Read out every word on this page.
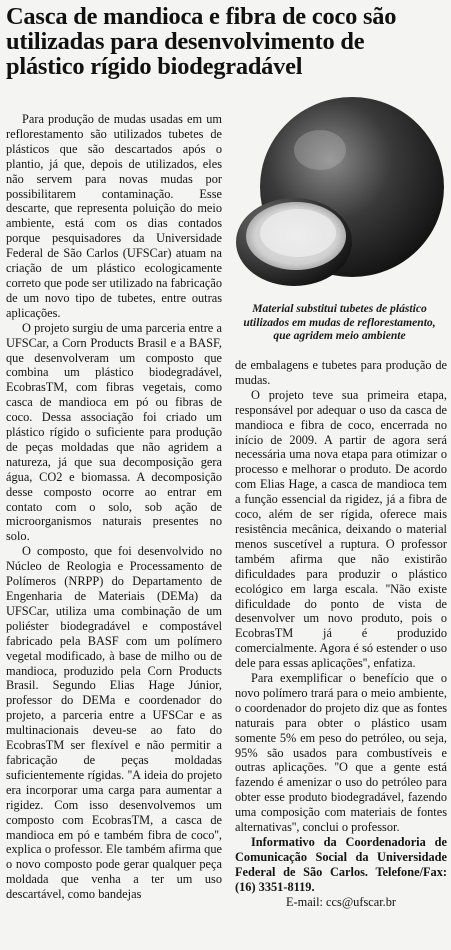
Casca de mandioca e fibra de coco são
utilizadas para desenvolvimento de
plástico rígido biodegradável

Para produção de mudas usadas em um reflorestamento são utilizados tubetes de plásticos que são descartados após o plantio, já que, depois de utilizados, eles não servem para novas mudas por possibilitarem contaminação. Esse descarte, que representa poluição do meio ambiente, está com os dias contados porque pesquisadores da Universidade Federal de São Carlos (UFSCar) atuam na criação de um plástico ecologicamente correto que pode ser utilizado na fabricação de um novo tipo de tubetes, entre outras aplicações.

O projeto surgiu de uma parceria entre a UFSCar, a Corn Products Brasil e a BASF, que desenvolveram um composto que combina um plástico biodegradável, EcobrasTM, com fibras vegetais, como casca de mandioca em pó ou fibras de coco. Dessa associação foi criado um plástico rígido o suficiente para produção de peças moldadas que não agridem a natureza, já que sua decomposição gera água, CO2 e biomassa. A decomposição desse composto ocorre ao entrar em contato com o solo, sob ação de microorganismos naturais presentes no solo.

O composto, que foi desenvolvido no Núcleo de Reologia e Processamento de Polímeros (NRPP) do Departamento de Engenharia de Materiais (DEMa) da UFSCar, utiliza uma combinação de um poliéster biodegradável e compostável fabricado pela BASF com um polímero vegetal modificado, à base de milho ou de mandioca, produzido pela Corn Products Brasil. Segundo Elias Hage Júnior, professor do DEMa e coordenador do projeto, a parceria entre a UFSCar e as multinacionais deveu-se ao fato do EcobrasTM ser flexível e não permitir a fabricação de peças moldadas suficientemente rígidas. ''A ideia do projeto era incorporar uma carga para aumentar a rigidez. Com isso desenvolvemos um composto com EcobrasTM, a casca de mandioca em pó e também fibra de coco'', explica o professor. Ele também afirma que o novo composto pode gerar qualquer peça moldada que venha a ter um uso descartável, como bandejas

Material substitui tubetes de plástico
utilizados em mudas de reflorestamento,
que agridem meio ambiente

de embalagens e tubetes para produção de mudas.

O projeto teve sua primeira etapa, responsável por adequar o uso da casca de mandioca e fibra de coco, encerrada no início de 2009. A partir de agora será necessária uma nova etapa para otimizar o processo e melhorar o produto. De acordo com Elias Hage, a casca de mandioca tem a função essencial da rigidez, já a fibra de coco, além de ser rígida, oferece mais resistência mecânica, deixando o material menos suscetível a ruptura. O professor também afirma que não existirão dificuldades para produzir o plástico ecológico em larga escala. ''Não existe dificuldade do ponto de vista de desenvolver um novo produto, pois o EcobrasTM já é produzido comercialmente. Agora é só estender o uso dele para essas aplicações'', enfatiza.

Para exemplificar o benefício que o novo polímero trará para o meio ambiente, o coordenador do projeto diz que as fontes naturais para obter o plástico usam somente 5% em peso do petróleo, ou seja, 95% são usados para combustíveis e outras aplicações. ''O que a gente está fazendo é amenizar o uso do petróleo para obter esse produto biodegradável, fazendo uma composição com materiais de fontes alternativas'', conclui o professor.

Informativo da Coordenadoria de Comunicação Social da Universidade Federal de São Carlos. Telefone/Fax: (16) 3351-8119.

E-mail: ccs@ufscar.br
